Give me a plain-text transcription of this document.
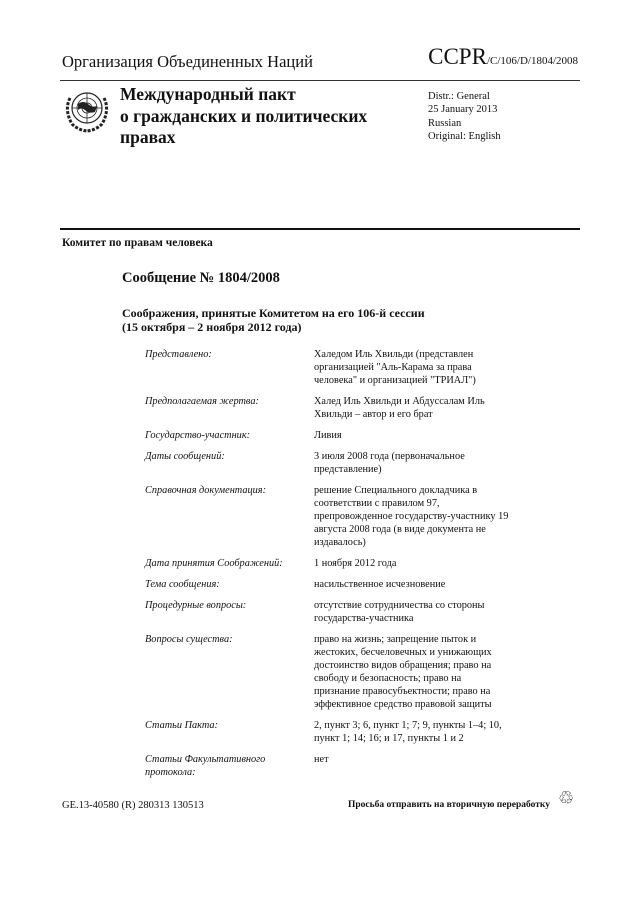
Организация Объединенных Наций	CCPR/C/106/D/1804/2008
Международный пакт
о гражданских и политических
правах
Distr.: General
25 January 2013
Russian
Original: English
Комитет по правам человека
Сообщение № 1804/2008
Соображения, принятые Комитетом на его 106-й сессии
(15 октября – 2 ноября 2012 года)
Представлено:	Халедом Иль Хвильди (представлен организацией "Аль-Карама за права человека" и организацией "ТРИАЛ")
Предполагаемая жертва:	Халед Иль Хвильди и Абдуссалам Иль Хвильди – автор и его брат
Государство-участник:	Ливия
Даты сообщений:	3 июля 2008 года (первоначальное представление)
Справочная документация:	решение Специального докладчика в соответствии с правилом 97, препровожденное государству-участнику 19 августа 2008 года (в виде документа не издавалось)
Дата принятия Соображений:	1 ноября 2012 года
Тема сообщения:	насильственное исчезновение
Процедурные вопросы:	отсутствие сотрудничества со стороны государства-участника
Вопросы существа:	право на жизнь; запрещение пыток и жестоких, бесчеловечных и унижающих достоинство видов обращения; право на свободу и безопасность; право на признание правосубъектности; право на эффективное средство правовой защиты
Статьи Пакта:	2, пункт 3; 6, пункт 1; 7; 9, пункты 1–4; 10, пункт 1; 14; 16; и 17, пункты 1 и 2
Статьи Факультативного протокола:	нет
GE.13-40580 (R) 280313 130513	Просьба отправить на вторичную переработку ♲
